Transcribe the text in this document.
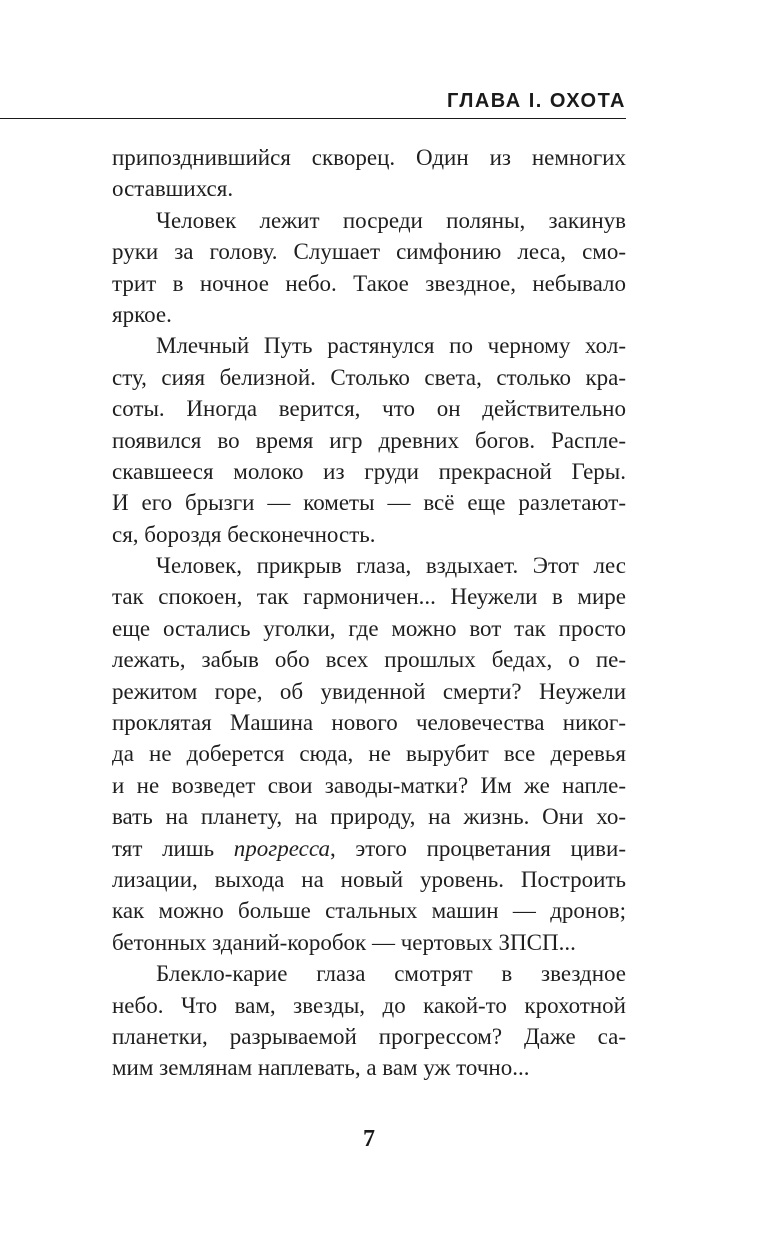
ГЛАВА I. ОХОТА
припозднившийся скворец. Один из немногих
оставшихся.
Человек лежит посреди поляны, закинув
руки за голову. Слушает симфонию леса, смо-
трит в ночное небо. Такое звездное, небывало
яркое.
Млечный Путь растянулся по черному хол-
сту, сияя белизной. Столько света, столько кра-
соты. Иногда верится, что он действительно
появился во время игр древних богов. Распле-
скавшееся молоко из груди прекрасной Геры.
И его брызги — кометы — всё еще разлетают-
ся, бороздя бесконечность.
Человек, прикрыв глаза, вздыхает. Этот лес
так спокоен, так гармоничен... Неужели в мире
еще остались уголки, где можно вот так просто
лежать, забыв обо всех прошлых бедах, о пе-
режитом горе, об увиденной смерти? Неужели
проклятая Машина нового человечества никог-
да не доберется сюда, не вырубит все деревья
и не возведет свои заводы-матки? Им же напле-
вать на планету, на природу, на жизнь. Они хо-
тят лишь прогресса, этого процветания циви-
лизации, выхода на новый уровень. Построить
как можно больше стальных машин — дронов;
бетонных зданий-коробок — чертовых ЗПСП...
Блекло-карие глаза смотрят в звездное
небо. Что вам, звезды, до какой-то крохотной
планетки, разрываемой прогрессом? Даже са-
мим землянам наплевать, а вам уж точно...
7
